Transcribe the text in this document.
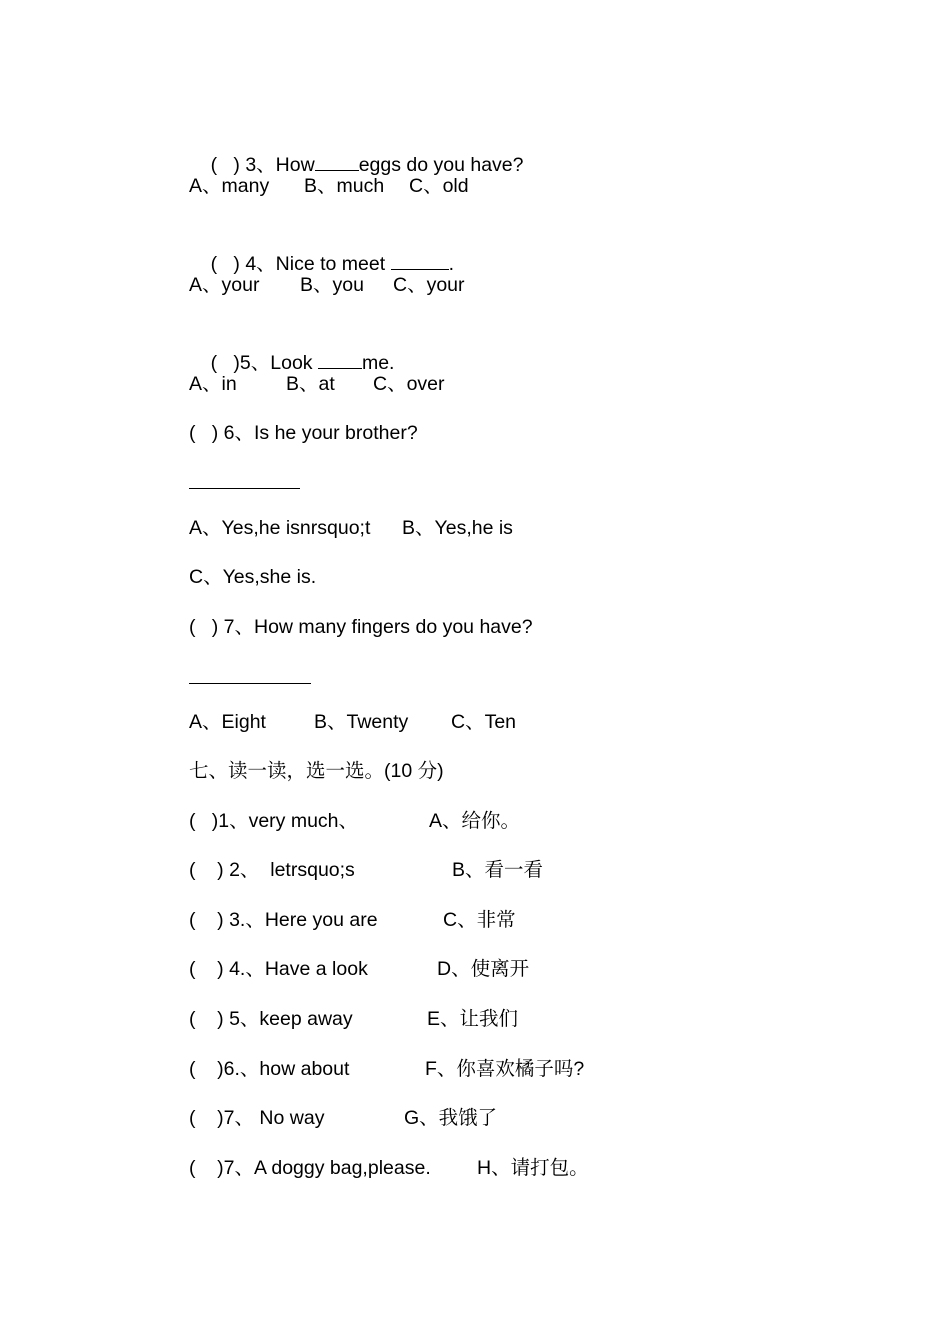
(   ) 3、How eggs do you have?

A、many

B、much

C、old

(   ) 4、Nice to meet	.

A、your

B、you

C、your

(   )5、Look me.

A、in

	B、at

C、over

(   ) 6、Is he your brother?

A、Yes,he isnrsquo;t

B、Yes,he is

C、Yes,she is.
(   ) 7、How many fingers do you have?

A、Eight

B、Twenty

C、Ten

七、读一读，选一选。(10 分)

(   )1、very much、

	A、给你。

(    ) 2、  letrsquo;s

	B、看一看

(    ) 3.、Here you are

	C、非常

(    ) 4.、Have a look

	D、使离开

(    ) 5、keep away

	E、让我们

(    )6.、how about

	F、你喜欢橘子吗?

(    )7、 No way

	G、我饿了

(    )7、A doggy bag,please.

H、请打包。
